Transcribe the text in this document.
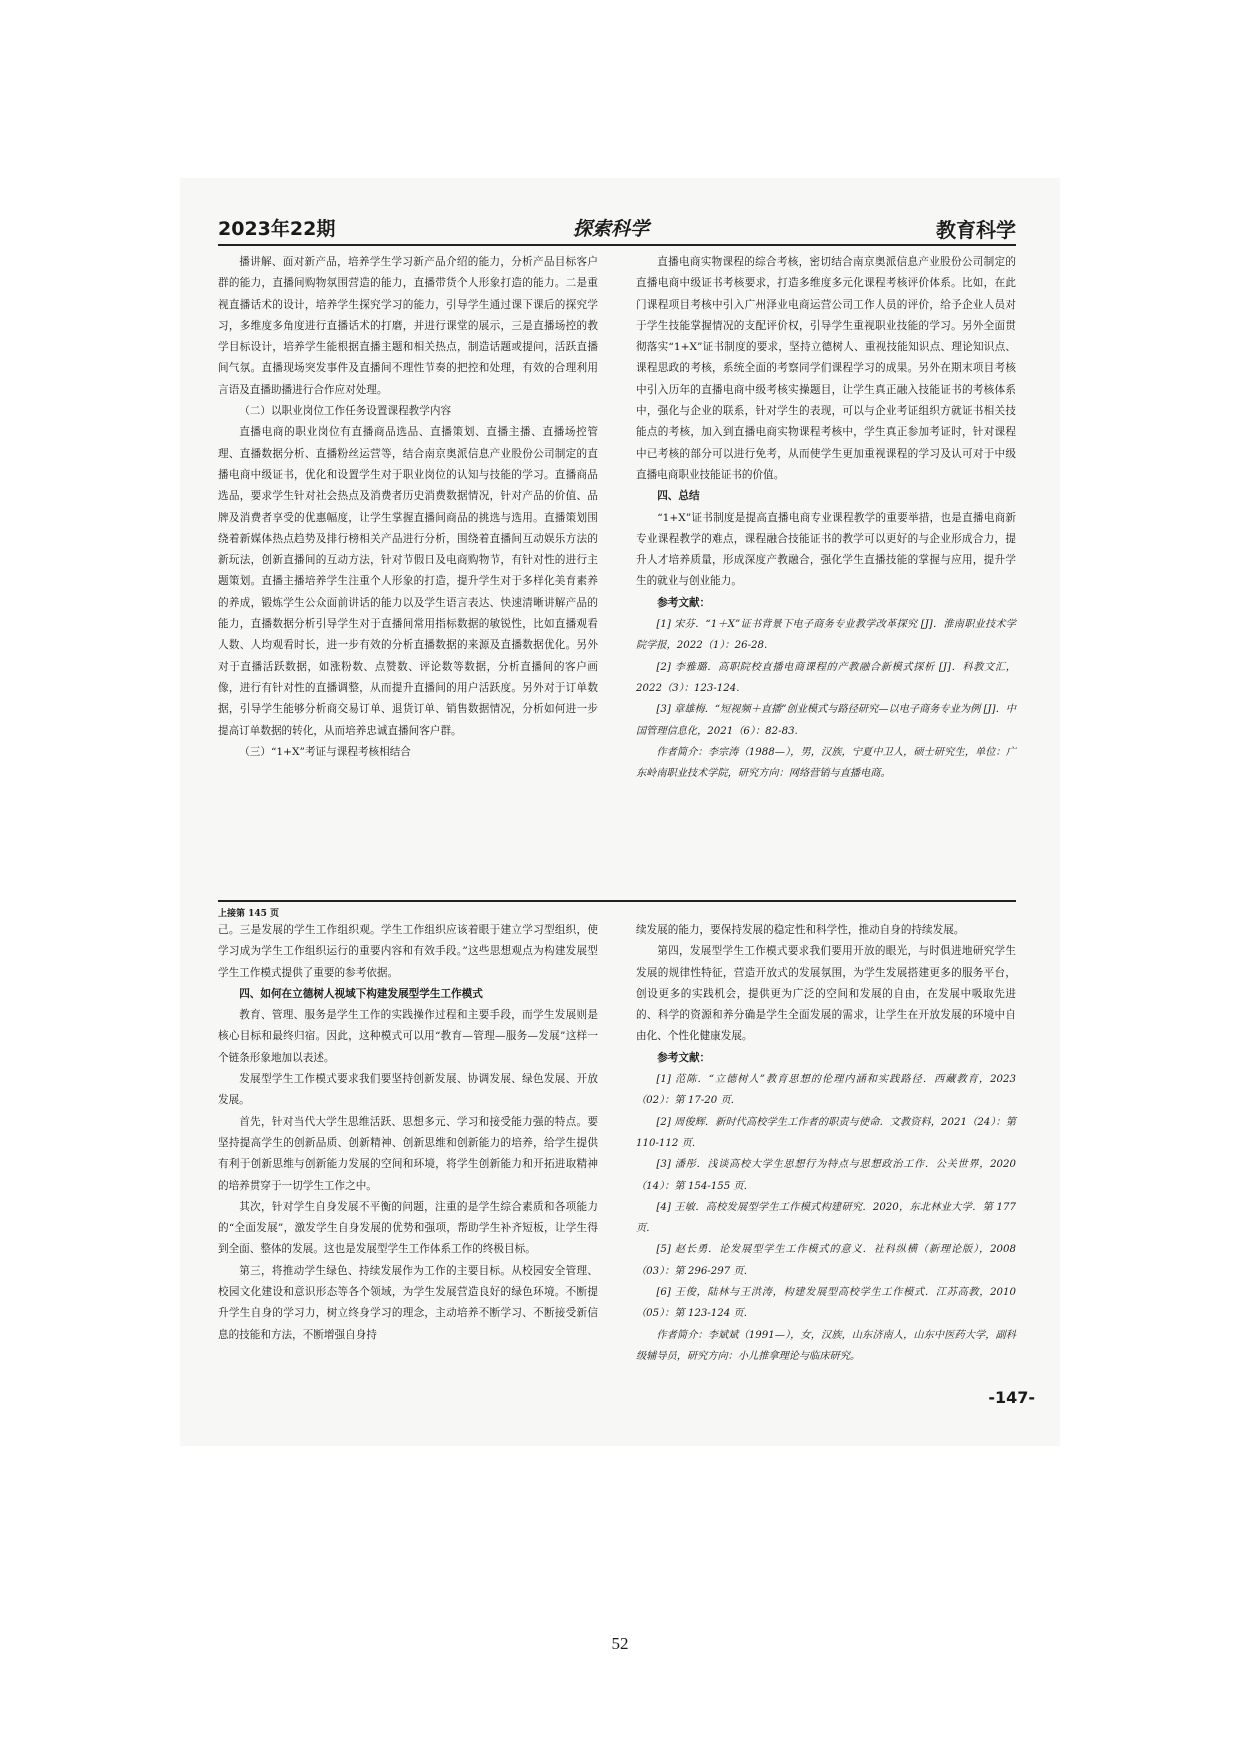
2023年22期	探索科学	教育科学

播讲解、面对新产品，培养学生学习新产品介绍的能力，分析产品目标客户群的能力，直播间购物氛围营造的能力，直播带货个人形象打造的能力。二是重视直播话术的设计，培养学生探究学习的能力，引导学生通过课下课后的探究学习，多维度多角度进行直播话术的打磨，并进行课堂的展示，三是直播场控的教学目标设计，培养学生能根据直播主题和相关热点，制造话题或提问，活跃直播间气氛。直播现场突发事件及直播间不理性节奏的把控和处理，有效的合理利用言语及直播助播进行合作应对处理。

（二）以职业岗位工作任务设置课程教学内容

直播电商的职业岗位有直播商品选品、直播策划、直播主播、直播场控管理、直播数据分析、直播粉丝运营等，结合南京奥派信息产业股份公司制定的直播电商中级证书，优化和设置学生对于职业岗位的认知与技能的学习。直播商品选品，要求学生针对社会热点及消费者历史消费数据情况，针对产品的价值、品牌及消费者享受的优惠幅度，让学生掌握直播间商品的挑选与选用。直播策划围绕着新媒体热点趋势及排行榜相关产品进行分析，围绕着直播间互动娱乐方法的新玩法，创新直播间的互动方法，针对节假日及电商购物节，有针对性的进行主题策划。直播主播培养学生注重个人形象的打造，提升学生对于多样化美育素养的养成，锻炼学生公众面前讲话的能力以及学生语言表达、快速清晰讲解产品的能力，直播数据分析引导学生对于直播间常用指标数据的敏锐性，比如直播观看人数、人均观看时长，进一步有效的分析直播数据的来源及直播数据优化。另外对于直播活跃数据，如涨粉数、点赞数、评论数等数据，分析直播间的客户画像，进行有针对性的直播调整，从而提升直播间的用户活跃度。另外对于订单数据，引导学生能够分析商交易订单、退货订单、销售数据情况，分析如何进一步提高订单数据的转化，从而培养忠诚直播间客户群。

（三）“1+X”考证与课程考核相结合

直播电商实物课程的综合考核，密切结合南京奥派信息产业股份公司制定的直播电商中级证书考核要求，打造多维度多元化课程考核评价体系。比如，在此门课程项目考核中引入广州泽业电商运营公司工作人员的评价，给予企业人员对于学生技能掌握情况的支配评价权，引导学生重视职业技能的学习。另外全面贯彻落实“1+X”证书制度的要求，坚持立德树人、重视技能知识点、理论知识点、课程思政的考核，系统全面的考察同学们课程学习的成果。另外在期末项目考核中引入历年的直播电商中级考核实操题目，让学生真正融入技能证书的考核体系中，强化与企业的联系，针对学生的表现，可以与企业考证组织方就证书相关技能点的考核，加入到直播电商实物课程考核中，学生真正参加考证时，针对课程中已考核的部分可以进行免考，从而使学生更加重视课程的学习及认可对于中级直播电商职业技能证书的价值。

四、总结

“1+X”证书制度是提高直播电商专业课程教学的重要举措，也是直播电商新专业课程教学的难点，课程融合技能证书的教学可以更好的与企业形成合力，提升人才培养质量，形成深度产教融合，强化学生直播技能的掌握与应用，提升学生的就业与创业能力。

参考文献：

[1] 宋芬．“1＋X”证书背景下电子商务专业教学改革探究 [J]．淮南职业技术学院学报，2022（1）：26-28.

[2] 李雅璐．高职院校直播电商课程的产教融合新模式探析 [J]．科教文汇，2022（3）：123-124.

[3] 章雄梅．“短视频＋直播”创业模式与路径研究—以电子商务专业为例 [J]．中国管理信息化，2021（6）：82-83.

作者简介：李宗涛（1988—），男，汉族，宁夏中卫人，硕士研究生，单位：广东岭南职业技术学院，研究方向：网络营销与直播电商。

上接第 145 页

己。三是发展的学生工作组织观。学生工作组织应该着眼于建立学习型组织，使学习成为学生工作组织运行的重要内容和有效手段。”这些思想观点为构建发展型学生工作模式提供了重要的参考依据。

四、如何在立德树人视域下构建发展型学生工作模式

教育、管理、服务是学生工作的实践操作过程和主要手段，而学生发展则是核心目标和最终归宿。因此，这种模式可以用“教育—管理—服务—发展”这样一个链条形象地加以表述。

发展型学生工作模式要求我们要坚持创新发展、协调发展、绿色发展、开放发展。

首先，针对当代大学生思维活跃、思想多元、学习和接受能力强的特点。要坚持提高学生的创新品质、创新精神、创新思维和创新能力的培养，给学生提供有利于创新思维与创新能力发展的空间和环境，将学生创新能力和开拓进取精神的培养贯穿于一切学生工作之中。

其次，针对学生自身发展不平衡的问题，注重的是学生综合素质和各项能力的“全面发展”，激发学生自身发展的优势和强项，帮助学生补齐短板，让学生得到全面、整体的发展。这也是发展型学生工作体系工作的终极目标。

第三，将推动学生绿色、持续发展作为工作的主要目标。从校园安全管理、校园文化建设和意识形态等各个领域，为学生发展营造良好的绿色环境。不断提升学生自身的学习力，树立终身学习的理念，主动培养不断学习、不断接受新信息的技能和方法，不断增强自身持

续发展的能力，要保持发展的稳定性和科学性，推动自身的持续发展。

第四，发展型学生工作模式要求我们要用开放的眼光，与时俱进地研究学生发展的规律性特征，营造开放式的发展氛围，为学生发展搭建更多的服务平台，创设更多的实践机会，提供更为广泛的空间和发展的自由，在发展中吸取先进的、科学的资源和养分确是学生全面发展的需求，让学生在开放发展的环境中自由化、个性化健康发展。

参考文献：

[1] 范陈．“立德树人”教育思想的伦理内涵和实践路径．西藏教育，2023（02）：第 17-20 页．

[2] 周俊辉．新时代高校学生工作者的职责与使命．文教资料，2021（24）：第 110-112 页．

[3] 潘彤．浅谈高校大学生思想行为特点与思想政治工作．公关世界，2020（14）：第 154-155 页．

[4] 王敏．高校发展型学生工作模式构建研究．2020，东北林业大学．第 177 页．

[5] 赵长勇．论发展型学生工作模式的意义．社科纵横（新理论版），2008（03）：第 296-297 页．

[6] 王俊，陆林与王洪涛，构建发展型高校学生工作模式．江苏高教，2010（05）：第 123-124 页．

作者简介：李斌斌（1991—），女，汉族，山东济南人，山东中医药大学，副科级辅导员，研究方向：小儿推拿理论与临床研究。

-147-
52
